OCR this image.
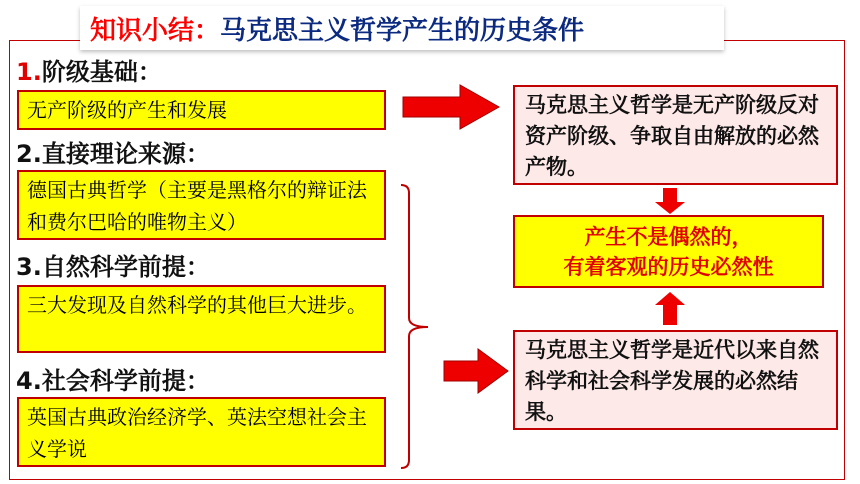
知识小结： 马克思主义哲学产生的历史条件
1.阶级基础：
无产阶级的产生和发展
2.直接理论来源：
德国古典哲学（主要是黑格尔的辩证法和费尔巴哈的唯物主义）
3.自然科学前提：
三大发现及自然科学的其他巨大进步。
4.社会科学前提：
英国古典政治经济学、英法空想社会主义学说
马克思主义哲学是无产阶级反对资产阶级、争取自由解放的必然产物。
产生不是偶然的，
有着客观的历史必然性
马克思主义哲学是近代以来自然科学和社会科学发展的必然结果。
